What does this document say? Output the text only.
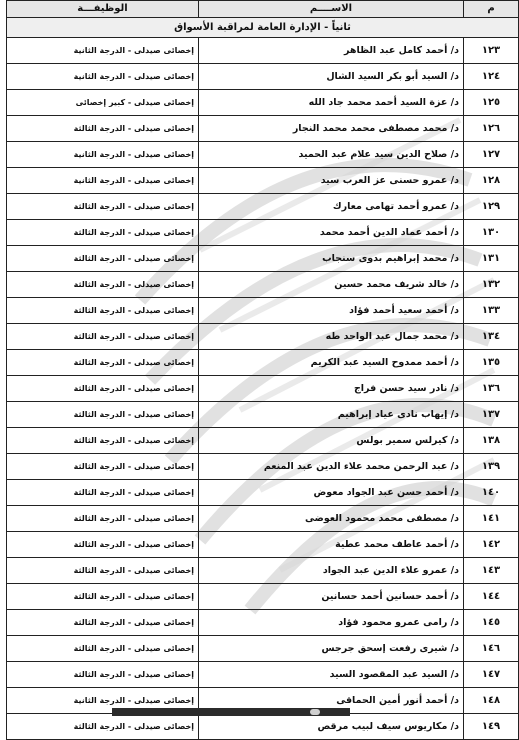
م	الاســــم	الوظيفـــة
ثانياً - الإدارة العامة لمراقبة الأسواق		
١٢٣	د/ أحمد كامل عبد الظاهر	إخصائى صيدلى - الدرجة الثانية
١٢٤	د/ السيد أبو بكر السيد الشال	إخصائى صيدلى - الدرجة الثانية
١٢٥	د/ عزة السيد أحمد محمد جاد الله	إخصائى صيدلى - كبير إخصائى
١٢٦	د/ محمد مصطفى محمد محمد النجار	إخصائى صيدلى - الدرجة الثالثة
١٢٧	د/ صلاح الدين سيد علام عبد الحميد	إخصائى صيدلى - الدرجة الثانية
١٢٨	د/ عمرو حسنى عز العرب سيد	إخصائى صيدلى - الدرجة الثانية
١٢٩	د/ عمرو أحمد تهامى معارك	إخصائى صيدلى - الدرجة الثالثة
١٣٠	د/ أحمد عماد الدين أحمد محمد	إخصائى صيدلى - الدرجة الثالثة
١٣١	د/ محمد إبراهيم بدوى سنجاب	إخصائى صيدلى - الدرجة الثالثة
١٣٢	د/ خالد شريف محمد حسين	إخصائى صيدلى - الدرجة الثالثة
١٣٣	د/ أحمد سعيد أحمد فؤاد	إخصائى صيدلى - الدرجة الثالثة
١٣٤	د/ محمد جمال عبد الواحد طه	إخصائى صيدلى - الدرجة الثالثة
١٣٥	د/ أحمد ممدوح السيد عبد الكريم	إخصائى صيدلى - الدرجة الثالثة
١٣٦	د/ نادر سيد حسن فراج	إخصائى صيدلى - الدرجة الثالثة
١٣٧	د/ إيهاب نادى عياد إبراهيم	إخصائى صيدلى - الدرجة الثالثة
١٣٨	د/ كيرلس سمير بولس	إخصائى صيدلى - الدرجة الثالثة
١٣٩	د/ عبد الرحمن محمد علاء الدين عبد المنعم	إخصائى صيدلى - الدرجة الثالثة
١٤٠	د/ أحمد حسن عبد الجواد معوض	إخصائى صيدلى - الدرجة الثالثة
١٤١	د/ مصطفى محمد محمود العوضى	إخصائى صيدلى - الدرجة الثالثة
١٤٢	د/ أحمد عاطف محمد عطية	إخصائى صيدلى - الدرجة الثالثة
١٤٣	د/ عمرو علاء الدين عبد الجواد	إخصائى صيدلى - الدرجة الثالثة
١٤٤	د/ أحمد حسانين أحمد حسانين	إخصائى صيدلى - الدرجة الثالثة
١٤٥	د/ رامى عمرو محمود فؤاد	إخصائى صيدلى - الدرجة الثالثة
١٤٦	د/ شيرى رفعت إسحق جرجس	إخصائى صيدلى - الدرجة الثالثة
١٤٧	د/ السيد عبد المقصود السيد	إخصائى صيدلى - الدرجة الثالثة
١٤٨	د/ أحمد أنور أمين الحماقى	إخصائى صيدلى - الدرجة الثانية
١٤٩	د/ مكاريوس سيف لبيب مرقص	إخصائى صيدلى - الدرجة الثالثة
